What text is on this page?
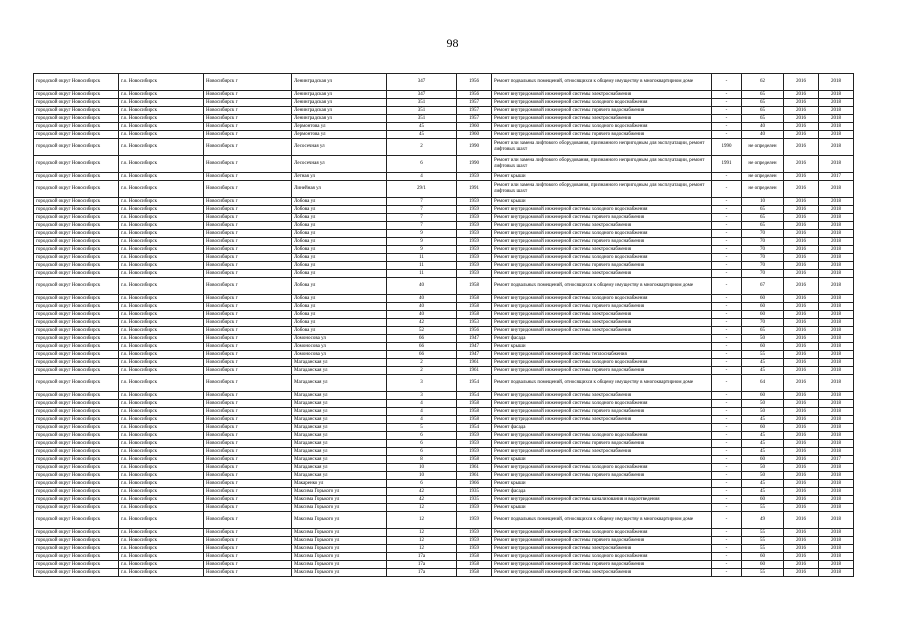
98
городской округ Новосибирск	г.о. Новосибирск	Новосибирск г	Ленинградская ул	347	1956	Ремонт подвальных помещений, относящихся к общему имуществу в многоквартирном доме	-	62	2016	2018
городской округ Новосибирск	г.о. Новосибирск	Новосибирск г	Ленинградская ул	347	1956	Ремонт внутридомовой инженерной системы электроснабжения	-	65	2016	2018
городской округ Новосибирск	г.о. Новосибирск	Новосибирск г	Ленинградская ул	351	1957	Ремонт внутридомовой инженерной системы холодного водоснабжения	-	65	2016	2018
городской округ Новосибирск	г.о. Новосибирск	Новосибирск г	Ленинградская ул	351	1957	Ремонт внутридомовой инженерной системы горячего водоснабжения	-	65	2016	2018
городской округ Новосибирск	г.о. Новосибирск	Новосибирск г	Ленинградская ул	351	1957	Ремонт внутридомовой инженерной системы электроснабжения	-	65	2016	2018
городской округ Новосибирск	г.о. Новосибирск	Новосибирск г	Лермонтова ул	45	1960	Ремонт внутридомовой инженерной системы холодного водоснабжения	-	40	2016	2018
городской округ Новосибирск	г.о. Новосибирск	Новосибирск г	Лермонтова ул	45	1960	Ремонт внутридомовой инженерной системы горячего водоснабжения	-	40	2016	2018
городской округ Новосибирск	г.о. Новосибирск	Новосибирск г	Лесосечная ул	2	1990	Ремонт или замена лифтового оборудования, признанного непригодным для эксплуатации, ремонт лифтовых шахт	1990	не определен	2016	2018
городской округ Новосибирск	г.о. Новосибирск	Новосибирск г	Лесосечная ул	6	1990	Ремонт или замена лифтового оборудования, признанного непригодным для эксплуатации, ремонт лифтовых шахт	1991	не определен	2016	2018
городской округ Новосибирск	г.о. Новосибирск	Новосибирск г	Летная ул	4	1959	Ремонт крыши	-	не определен	2016	2017
городской округ Новосибирск	г.о. Новосибирск	Новосибирск г	Линейная ул	29/1	1991	Ремонт или замена лифтового оборудования, признанного непригодным для эксплуатации, ремонт лифтовых шахт	-	не определен	2016	2018
городской округ Новосибирск	г.о. Новосибирск	Новосибирск г	Лобова ул	7	1959	Ремонт крыши	-	10	2016	2018
городской округ Новосибирск	г.о. Новосибирск	Новосибирск г	Лобова ул	7	1959	Ремонт внутридомовой инженерной системы холодного водоснабжения	-	65	2016	2018
городской округ Новосибирск	г.о. Новосибирск	Новосибирск г	Лобова ул	7	1959	Ремонт внутридомовой инженерной системы горячего водоснабжения	-	65	2016	2018
городской округ Новосибирск	г.о. Новосибирск	Новосибирск г	Лобова ул	7	1959	Ремонт внутридомовой инженерной системы электроснабжения	-	65	2016	2018
городской округ Новосибирск	г.о. Новосибирск	Новосибирск г	Лобова ул	9	1959	Ремонт внутридомовой инженерной системы холодного водоснабжения	-	70	2016	2018
городской округ Новосибирск	г.о. Новосибирск	Новосибирск г	Лобова ул	9	1959	Ремонт внутридомовой инженерной системы горячего водоснабжения	-	70	2016	2018
городской округ Новосибирск	г.о. Новосибирск	Новосибирск г	Лобова ул	9	1959	Ремонт внутридомовой инженерной системы электроснабжения	-	70	2016	2018
городской округ Новосибирск	г.о. Новосибирск	Новосибирск г	Лобова ул	11	1959	Ремонт внутридомовой инженерной системы холодного водоснабжения	-	70	2016	2018
городской округ Новосибирск	г.о. Новосибирск	Новосибирск г	Лобова ул	11	1959	Ремонт внутридомовой инженерной системы горячего водоснабжения	-	70	2016	2018
городской округ Новосибирск	г.о. Новосибирск	Новосибирск г	Лобова ул	11	1959	Ремонт внутридомовой инженерной системы электроснабжения	-	70	2016	2018
городской округ Новосибирск	г.о. Новосибирск	Новосибирск г	Лобова ул	40	1958	Ремонт подвальных помещений, относящихся к общему имуществу в многоквартирном доме	-	67	2016	2018
городской округ Новосибирск	г.о. Новосибирск	Новосибирск г	Лобова ул	40	1958	Ремонт внутридомовой инженерной системы холодного водоснабжения	-	60	2016	2018
городской округ Новосибирск	г.о. Новосибирск	Новосибирск г	Лобова ул	40	1958	Ремонт внутридомовой инженерной системы горячего водоснабжения	-	60	2016	2018
городской округ Новосибирск	г.о. Новосибирск	Новосибирск г	Лобова ул	40	1958	Ремонт внутридомовой инженерной системы электроснабжения	-	60	2016	2018
городской округ Новосибирск	г.о. Новосибирск	Новосибирск г	Лобова ул	42	1953	Ремонт внутридомовой инженерной системы электроснабжения	-	70	2016	2018
городской округ Новосибирск	г.о. Новосибирск	Новосибирск г	Лобова ул	52	1956	Ремонт внутридомовой инженерной системы электроснабжения	-	65	2016	2018
городской округ Новосибирск	г.о. Новосибирск	Новосибирск г	Ломоносова ул	66	1947	Ремонт фасада	-	50	2016	2018
городской округ Новосибирск	г.о. Новосибирск	Новосибирск г	Ломоносова ул	66	1947	Ремонт крыши	-	60	2016	2018
городской округ Новосибирск	г.о. Новосибирск	Новосибирск г	Ломоносова ул	66	1947	Ремонт внутридомовой инженерной системы теплоснабжения	-	55	2016	2018
городской округ Новосибирск	г.о. Новосибирск	Новосибирск г	Магаданская ул	2	1961	Ремонт внутридомовой инженерной системы холодного водоснабжения	-	45	2016	2018
городской округ Новосибирск	г.о. Новосибирск	Новосибирск г	Магаданская ул	2	1961	Ремонт внутридомовой инженерной системы горячего водоснабжения	-	45	2016	2018
городской округ Новосибирск	г.о. Новосибирск	Новосибирск г	Магаданская ул	3	1954	Ремонт подвальных помещений, относящихся к общему имуществу в многоквартирном доме	-	64	2016	2018
городской округ Новосибирск	г.о. Новосибирск	Новосибирск г	Магаданская ул	3	1954	Ремонт внутридомовой инженерной системы электроснабжения	-	60	2016	2018
городской округ Новосибирск	г.о. Новосибирск	Новосибирск г	Магаданская ул	4	1958	Ремонт внутридомовой инженерной системы холодного водоснабжения	-	50	2016	2018
городской округ Новосибирск	г.о. Новосибирск	Новосибирск г	Магаданская ул	4	1958	Ремонт внутридомовой инженерной системы горячего водоснабжения	-	50	2016	2018
городской округ Новосибирск	г.о. Новосибирск	Новосибирск г	Магаданская ул	4	1958	Ремонт внутридомовой инженерной системы электроснабжения	-	45	2016	2018
городской округ Новосибирск	г.о. Новосибирск	Новосибирск г	Магаданская ул	5	1954	Ремонт фасада	-	60	2016	2018
городской округ Новосибирск	г.о. Новосибирск	Новосибирск г	Магаданская ул	6	1959	Ремонт внутридомовой инженерной системы холодного водоснабжения	-	45	2016	2018
городской округ Новосибирск	г.о. Новосибирск	Новосибирск г	Магаданская ул	6	1959	Ремонт внутридомовой инженерной системы горячего водоснабжения	-	45	2016	2018
городской округ Новосибирск	г.о. Новосибирск	Новосибирск г	Магаданская ул	6	1959	Ремонт внутридомовой инженерной системы электроснабжения	-	45	2016	2018
городской округ Новосибирск	г.о. Новосибирск	Новосибирск г	Магаданская ул	8	1958	Ремонт крыши	-	60	2016	2017
городской округ Новосибирск	г.о. Новосибирск	Новосибирск г	Магаданская ул	10	1961	Ремонт внутридомовой инженерной системы холодного водоснабжения	-	50	2016	2018
городской округ Новосибирск	г.о. Новосибирск	Новосибирск г	Магаданская ул	10	1961	Ремонт внутридомовой инженерной системы горячего водоснабжения	-	50	2016	2018
городской округ Новосибирск	г.о. Новосибирск	Новосибирск г	Макаренко ул	6	1966	Ремонт крыши	-	45	2016	2018
городской округ Новосибирск	г.о. Новосибирск	Новосибирск г	Максима Горького ул	42	1935	Ремонт фасада	-	45	2016	2018
городской округ Новосибирск	г.о. Новосибирск	Новосибирск г	Максима Горького ул	42	1935	Ремонт внутридомовой инженерной системы канализования и водоотведения	-	60	2016	2018
городской округ Новосибирск	г.о. Новосибирск	Новосибирск г	Максима Горького ул	12	1959	Ремонт крыши	-	55	2016	2018
городской округ Новосибирск	г.о. Новосибирск	Новосибирск г	Максима Горького ул	12	1959	Ремонт подвальных помещений, относящихся к общему имуществу в многоквартирном доме	-	49	2016	2018
городской округ Новосибирск	г.о. Новосибирск	Новосибирск г	Максима Горького ул	12	1959	Ремонт внутридомовой инженерной системы холодного водоснабжения	-	55	2016	2018
городской округ Новосибирск	г.о. Новосибирск	Новосибирск г	Максима Горького ул	12	1959	Ремонт внутридомовой инженерной системы горячего водоснабжения	-	55	2016	2018
городской округ Новосибирск	г.о. Новосибирск	Новосибирск г	Максима Горького ул	12	1959	Ремонт внутридомовой инженерной системы электроснабжения	-	55	2016	2018
городской округ Новосибирск	г.о. Новосибирск	Новосибирск г	Максима Горького ул	17а	1958	Ремонт внутридомовой инженерной системы холодного водоснабжения	-	60	2016	2018
городской округ Новосибирск	г.о. Новосибирск	Новосибирск г	Максима Горького ул	17а	1958	Ремонт внутридомовой инженерной системы горячего водоснабжения	-	60	2016	2018
городской округ Новосибирск	г.о. Новосибирск	Новосибирск г	Максима Горького ул	17а	1958	Ремонт внутридомовой инженерной системы электроснабжения	-	55	2016	2018
